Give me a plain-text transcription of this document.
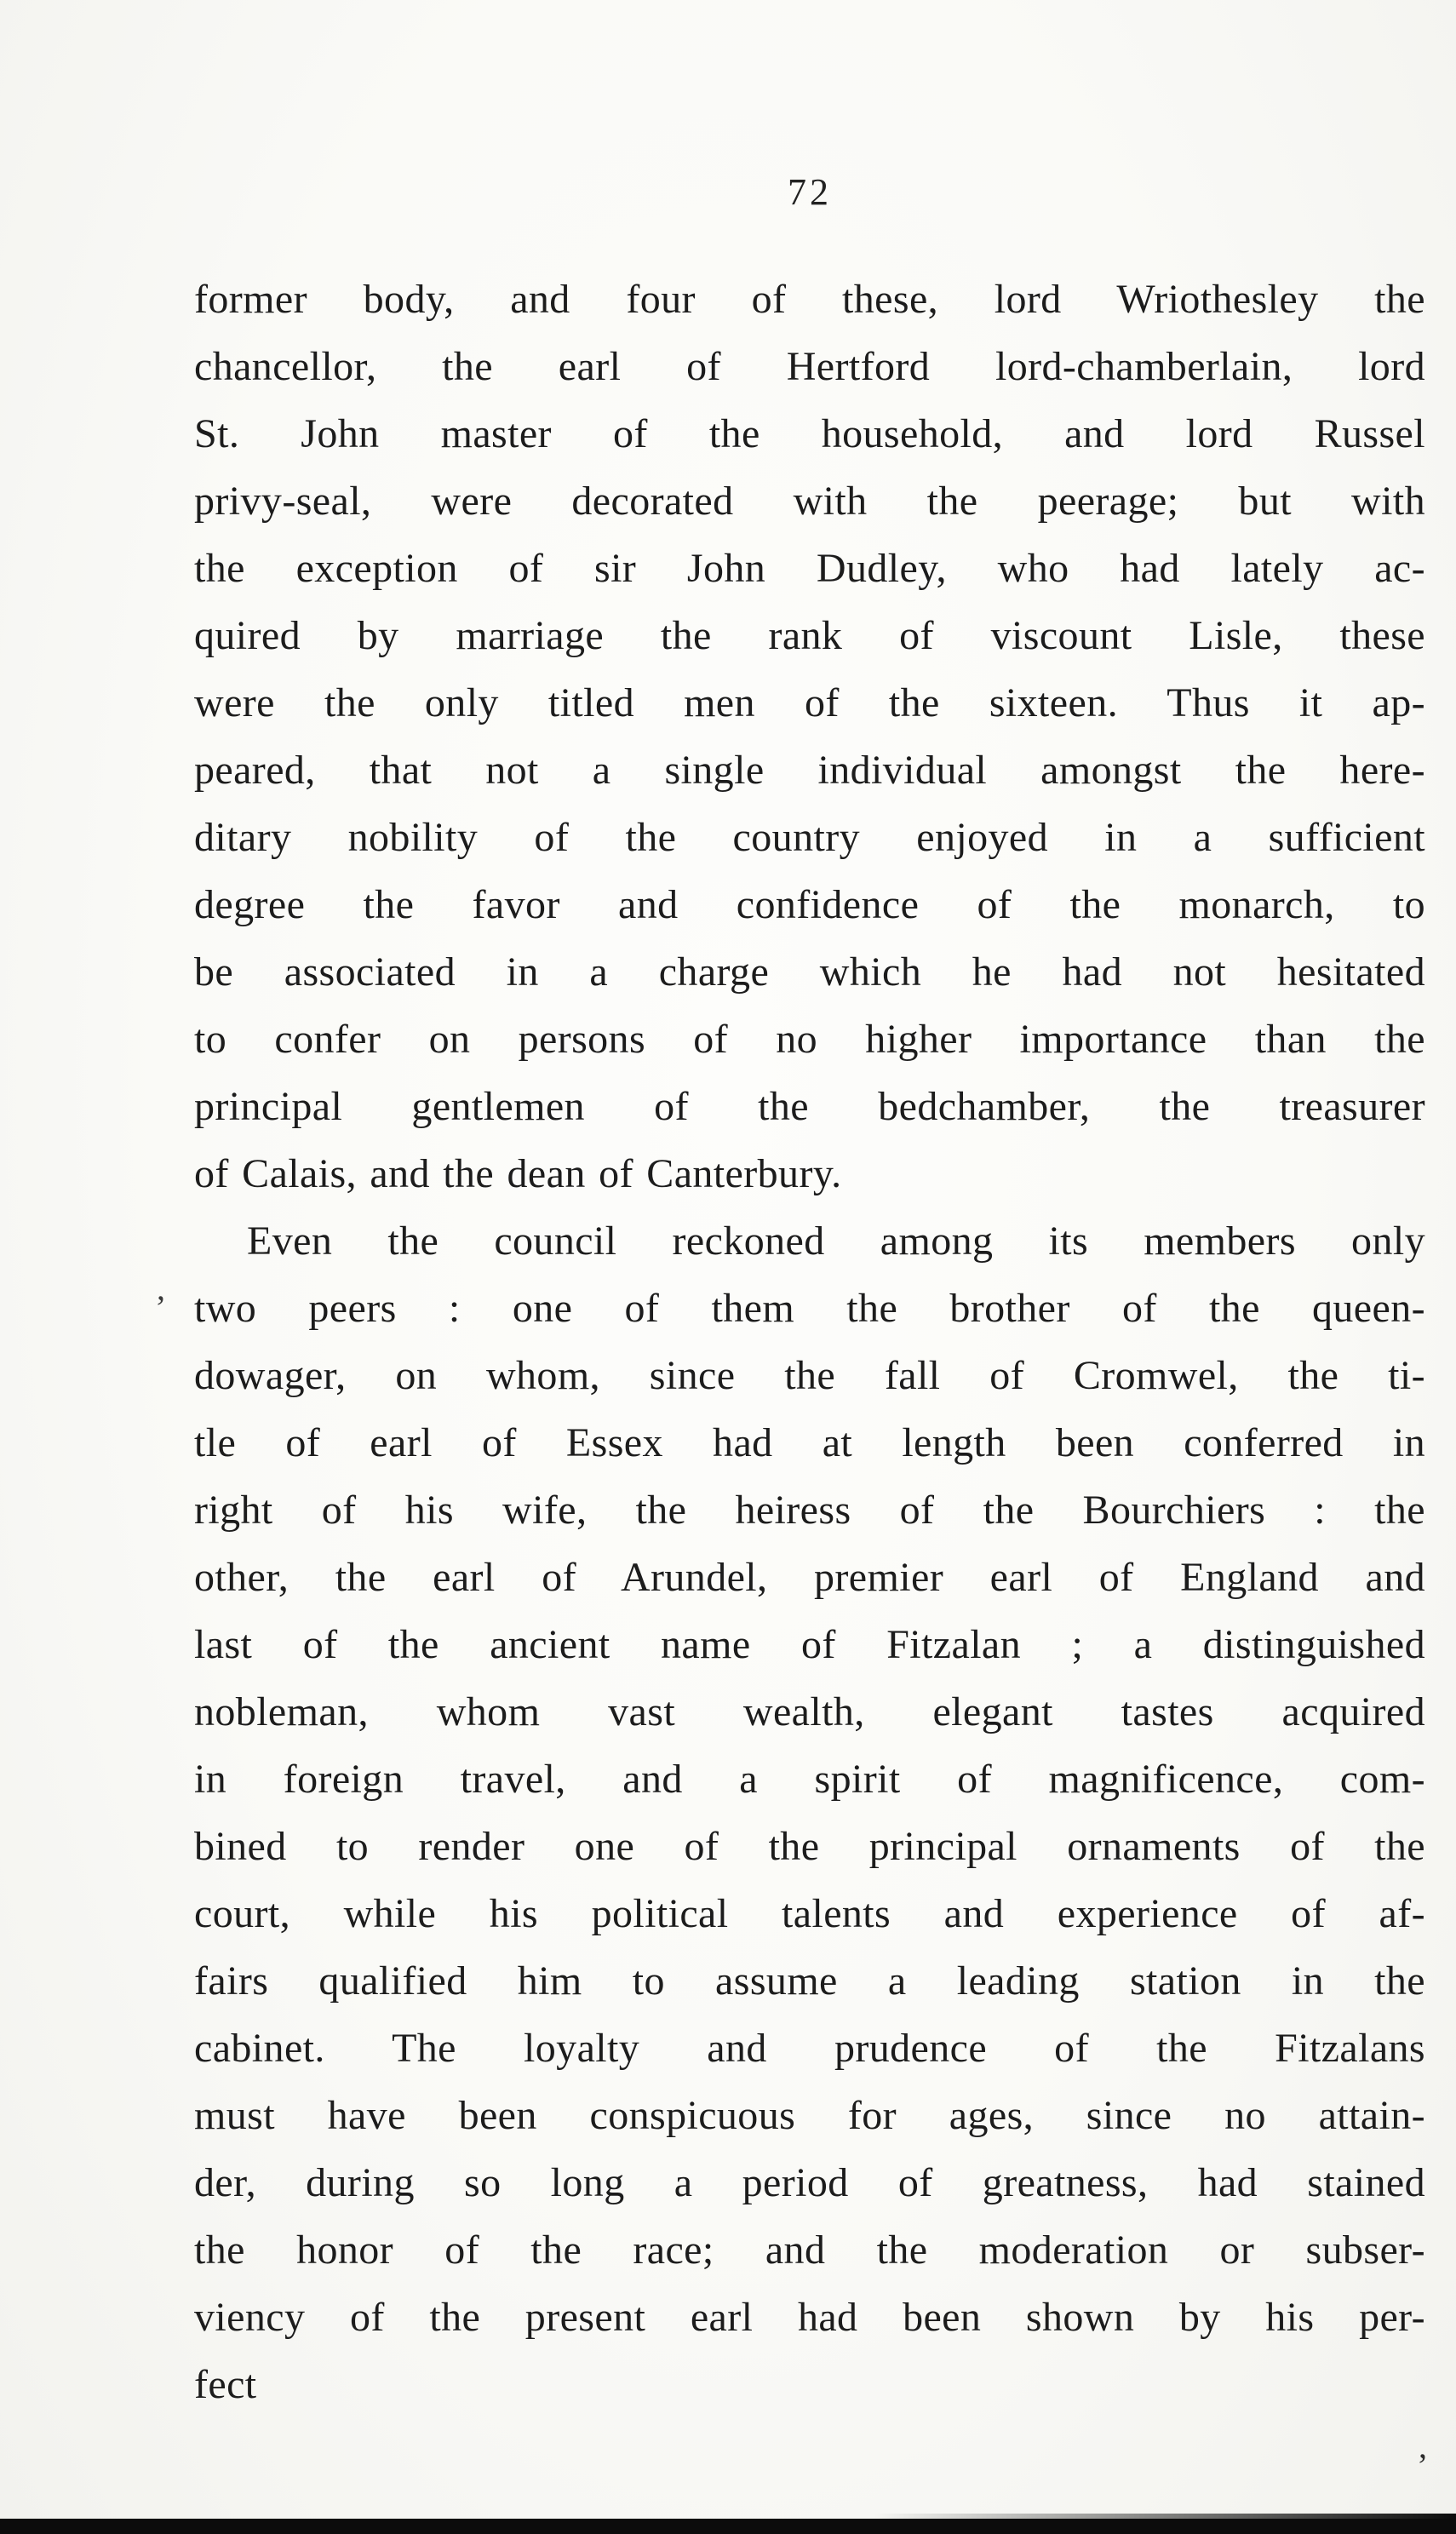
72
’
former body, and four of these, lord Wriothesley the
chancellor, the earl of Hertford lord-chamberlain, lord
St. John master of the household, and lord Russel
privy-seal, were decorated with the peerage; but with
the exception of sir John Dudley, who had lately ac-
quired by marriage the rank of viscount Lisle, these
were the only titled men of the sixteen. Thus it ap-
peared, that not a single individual amongst the here-
ditary nobility of the country enjoyed in a sufficient
degree the favor and confidence of the monarch, to
be associated in a charge which he had not hesitated
to confer on persons of no higher importance than the
principal gentlemen of the bedchamber, the treasurer
of Calais, and the dean of Canterbury.
Even the council reckoned among its members only
two peers : one of them the brother of the queen-
dowager, on whom, since the fall of Cromwel, the ti-
tle of earl of Essex had at length been conferred in
right of his wife, the heiress of the Bourchiers : the
other, the earl of Arundel, premier earl of England and
last of the ancient name of Fitzalan ; a distinguished
nobleman, whom vast wealth, elegant tastes acquired
in foreign travel, and a spirit of magnificence, com-
bined to render one of the principal ornaments of the
court, while his political talents and experience of af-
fairs qualified him to assume a leading station in the
cabinet. The loyalty and prudence of the Fitzalans
must have been conspicuous for ages, since no attain-
der, during so long a period of greatness, had stained
the honor of the race; and the moderation or subser-
viency of the present earl had been shown by his per-
fect
’
